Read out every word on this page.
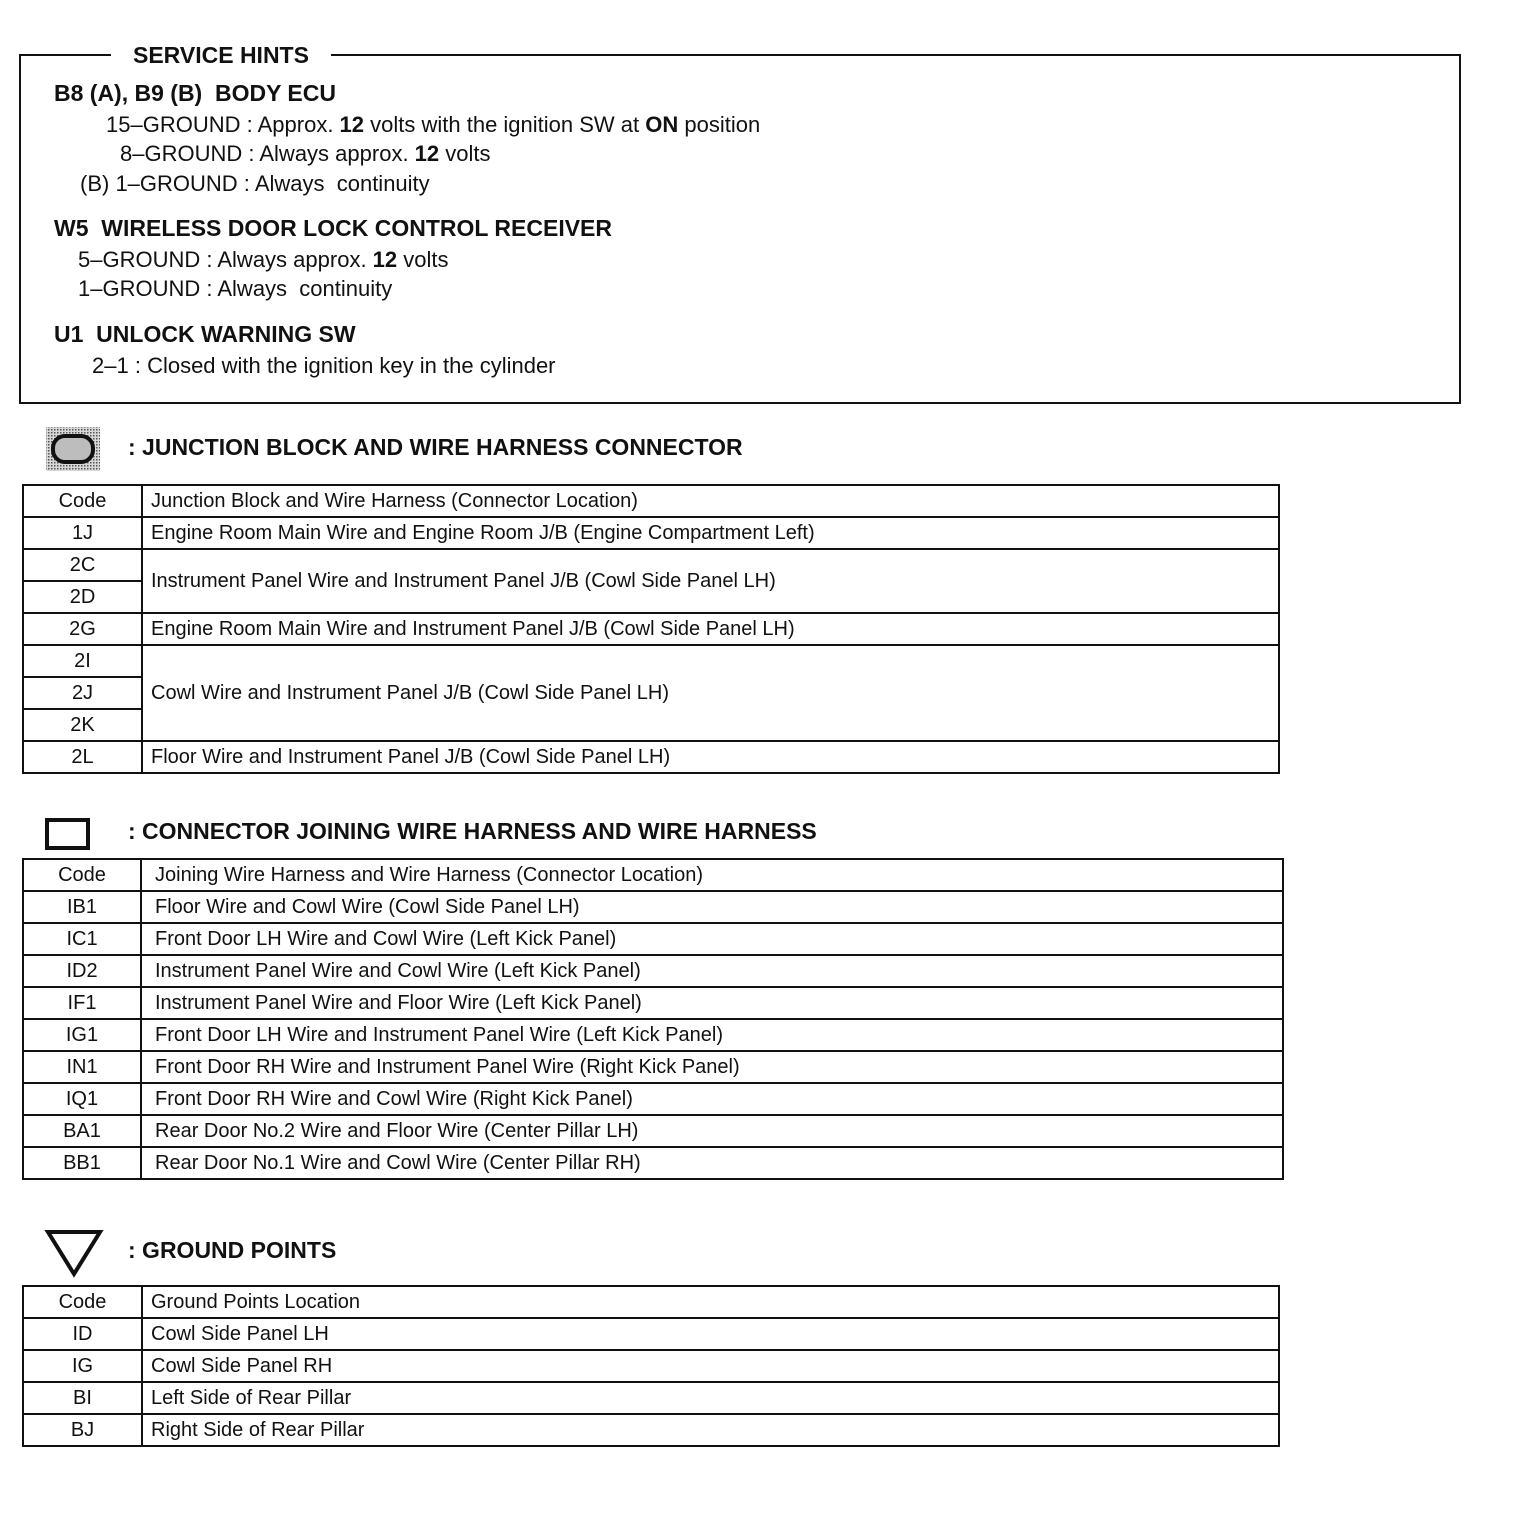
SERVICE HINTS
B8 (A), B9 (B)  BODY ECU
15–GROUND : Approx. 12 volts with the ignition SW at ON position
8–GROUND : Always approx. 12 volts
(B) 1–GROUND : Always  continuity
W5  WIRELESS DOOR LOCK CONTROL RECEIVER
5–GROUND : Always approx. 12 volts
1–GROUND : Always  continuity
U1  UNLOCK WARNING SW
2–1 : Closed with the ignition key in the cylinder
: JUNCTION BLOCK AND WIRE HARNESS CONNECTOR
Code	Junction Block and Wire Harness (Connector Location)
1J	Engine Room Main Wire and Engine Room J/B (Engine Compartment Left)
2C	Instrument Panel Wire and Instrument Panel J/B (Cowl Side Panel LH)
2D	
2G	Engine Room Main Wire and Instrument Panel J/B (Cowl Side Panel LH)
2I	Cowl Wire and Instrument Panel J/B (Cowl Side Panel LH)
2J	
2K	
2L	Floor Wire and Instrument Panel J/B (Cowl Side Panel LH)
: CONNECTOR JOINING WIRE HARNESS AND WIRE HARNESS
Code	Joining Wire Harness and Wire Harness (Connector Location)
IB1	Floor Wire and Cowl Wire (Cowl Side Panel LH)
IC1	Front Door LH Wire and Cowl Wire (Left Kick Panel)
ID2	Instrument Panel Wire and Cowl Wire (Left Kick Panel)
IF1	Instrument Panel Wire and Floor Wire (Left Kick Panel)
IG1	Front Door LH Wire and Instrument Panel Wire (Left Kick Panel)
IN1	Front Door RH Wire and Instrument Panel Wire (Right Kick Panel)
IQ1	Front Door RH Wire and Cowl Wire (Right Kick Panel)
BA1	Rear Door No.2 Wire and Floor Wire (Center Pillar LH)
BB1	Rear Door No.1 Wire and Cowl Wire (Center Pillar RH)
: GROUND POINTS
Code	Ground Points Location
ID	Cowl Side Panel LH
IG	Cowl Side Panel RH
BI	Left Side of Rear Pillar
BJ	Right Side of Rear Pillar
